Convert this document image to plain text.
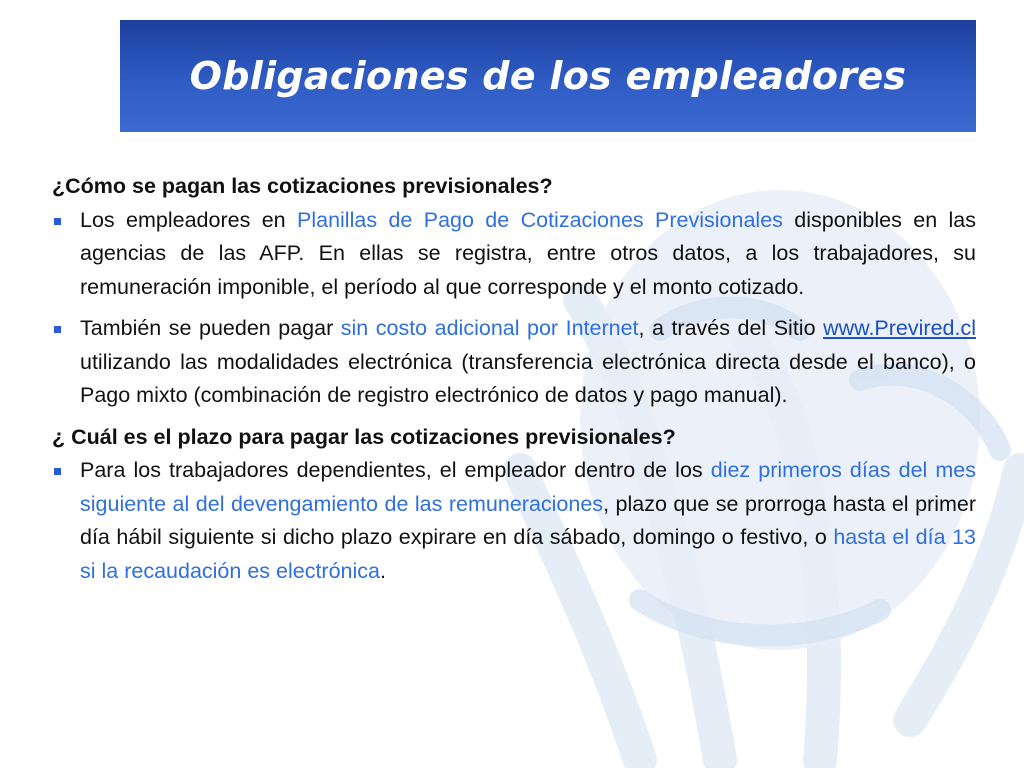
Obligaciones de los empleadores

¿Cómo se pagan las cotizaciones previsionales?

Los empleadores en Planillas de Pago de Cotizaciones Previsionales disponibles en las agencias de las AFP. En ellas se registra, entre otros datos, a los trabajadores, su remuneración imponible, el período al que corresponde y el monto cotizado.
También se pueden pagar sin costo adicional por Internet, a través del Sitio www.Previred.cl utilizando las modalidades electrónica (transferencia electrónica directa desde el banco), o Pago mixto (combinación de registro electrónico de datos y pago manual).

¿ Cuál es el plazo para pagar las cotizaciones previsionales?

Para los trabajadores dependientes, el empleador dentro de los diez primeros días del mes siguiente al del devengamiento de las remuneraciones, plazo que se prorroga hasta el primer día hábil siguiente si dicho plazo expirare en día sábado, domingo o festivo, o hasta el día 13 si la recaudación es electrónica.
